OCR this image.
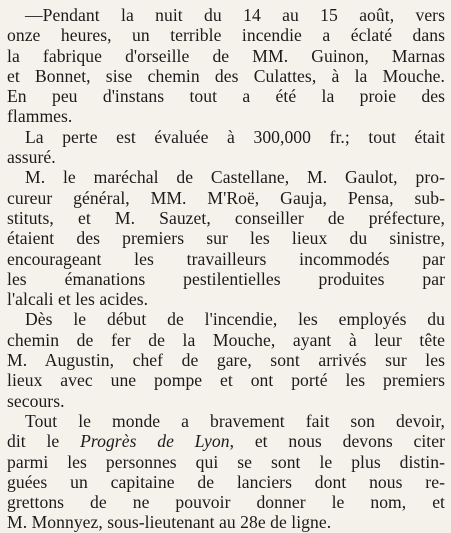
—Pendant la nuit du 14 au 15 août, vers
onze heures, un terrible incendie a éclaté dans
la fabrique d'orseille de MM. Guinon, Marnas
et Bonnet, sise chemin des Culattes, à la Mouche.
En peu d'instans tout a été la proie des
flammes.
La perte est évaluée à 300,000 fr.; tout était
assuré.
M. le maréchal de Castellane, M. Gaulot, pro-
cureur général, MM. M'Roë, Gauja, Pensa, sub-
stituts, et M. Sauzet, conseiller de préfecture,
étaient des premiers sur les lieux du sinistre,
encourageant les travailleurs incommodés par
les émanations pestilentielles produites par
l'alcali et les acides.
Dès le début de l'incendie, les employés du
chemin de fer de la Mouche, ayant à leur tête
M. Augustin, chef de gare, sont arrivés sur les
lieux avec une pompe et ont porté les premiers
secours.
Tout le monde a bravement fait son devoir,
dit le Progrès de Lyon, et nous devons citer
parmi les personnes qui se sont le plus distin-
guées un capitaine de lanciers dont nous re-
grettons de ne pouvoir donner le nom, et
M. Monnyez, sous-lieutenant au 28e de ligne.
